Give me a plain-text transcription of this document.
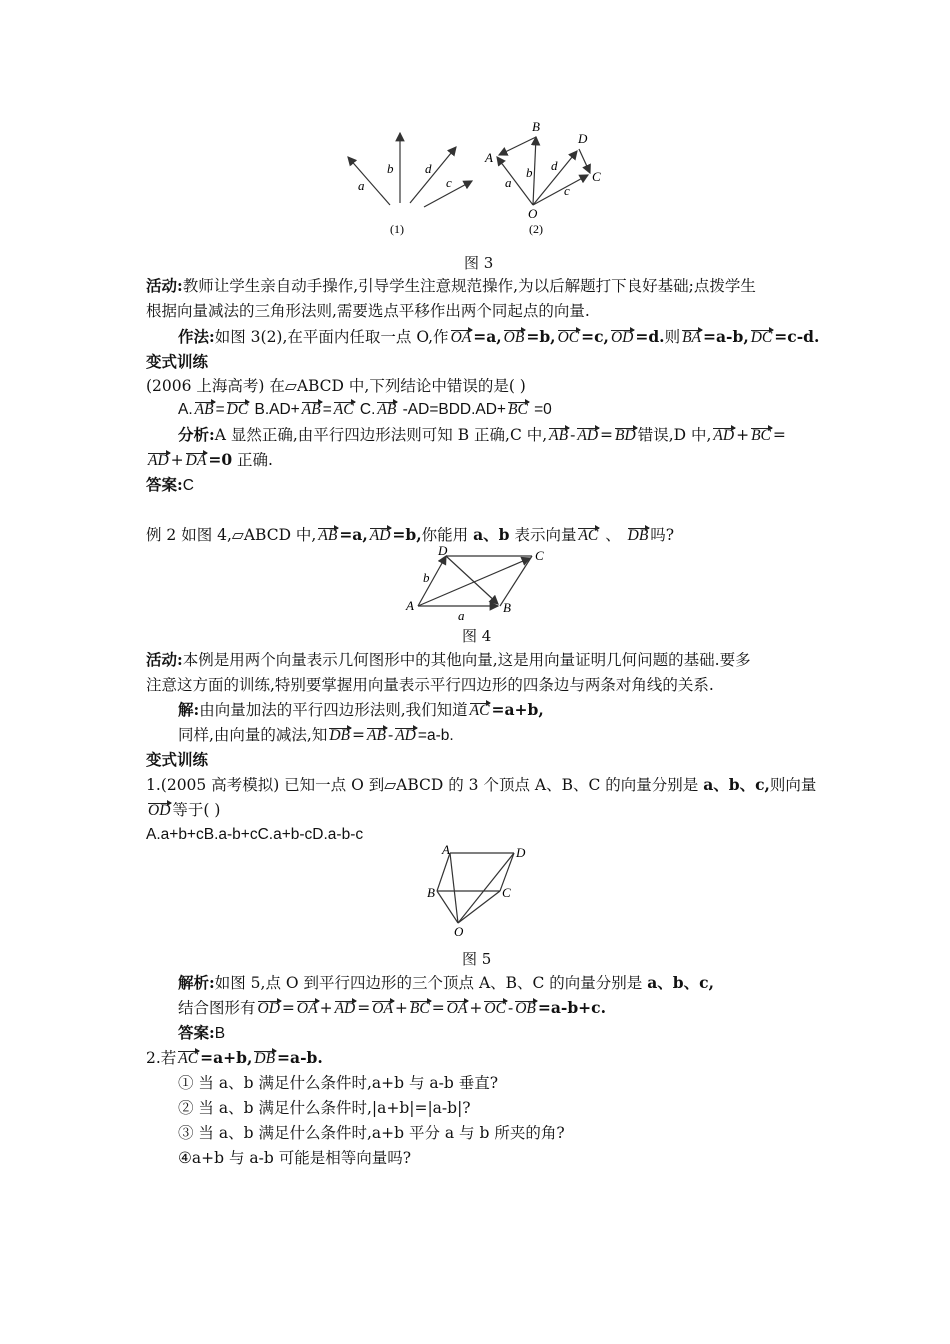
a
b d
c
(1)
A
B
D
C
O
a
b d
c
(2)
图 3
活动:教师让学生亲自动手操作,引导学生注意规范操作,为以后解题打下良好基础;点拨学生
根据向量减法的三角形法则,需要选点平移作出两个同起点的向量.
作法:如图 3(2),在平面内任取一点 O,作 OA =a, OB =b, OC =c, OD =d.则 BA =a-b, DC =c-d.
变式训练
(2006 上海高考) 在▱ABCD 中,下列结论中错误的是( )
A. AB = DC B.AD+ AB = AC C. AB -AD=BDD.AD+ BC =0
分析:A 显然正确,由平行四边形法则可知 B 正确,C 中, AB - AD = BD 错误,D 中, AD + BC =
AD + DA =0 正确.
答案:C
例 2 如图 4,▱ABCD 中, AB =a, AD =b,你能用 a、b 表示向量 AC 、 DB 吗?
A	B
C
D
a
b
图 4
活动:本例是用两个向量表示几何图形中的其他向量,这是用向量证明几何问题的基础.要多
注意这方面的训练,特别要掌握用向量表示平行四边形的四条边与两条对角线的关系.
解:由向量加法的平行四边形法则,我们知道 AC =a+b,
同样,由向量的减法,知 DB = AB - AD =a-b.
变式训练
1.(2005 高考模拟) 已知一点 O 到▱ABCD 的 3 个顶点 A、B、C 的向量分别是 a、b、c,则向量
OD 等于( )
A.a+b+cB.a-b+cC.a+b-cD.a-b-c
A	D
B	C
O
图 5
解析:如图 5,点 O 到平行四边形的三个顶点 A、B、C 的向量分别是 a、b、c,
结合图形有 OD = OA + AD = OA + BC = OA + OC - OB =a-b+c.
答案:B
2.若 AC =a+b, DB =a-b.
① 当 a、b 满足什么条件时,a+b 与 a-b 垂直?
② 当 a、b 满足什么条件时,|a+b|=|a-b|?
③ 当 a、b 满足什么条件时,a+b 平分 a 与 b 所夹的角?
④a+b 与 a-b 可能是相等向量吗?
